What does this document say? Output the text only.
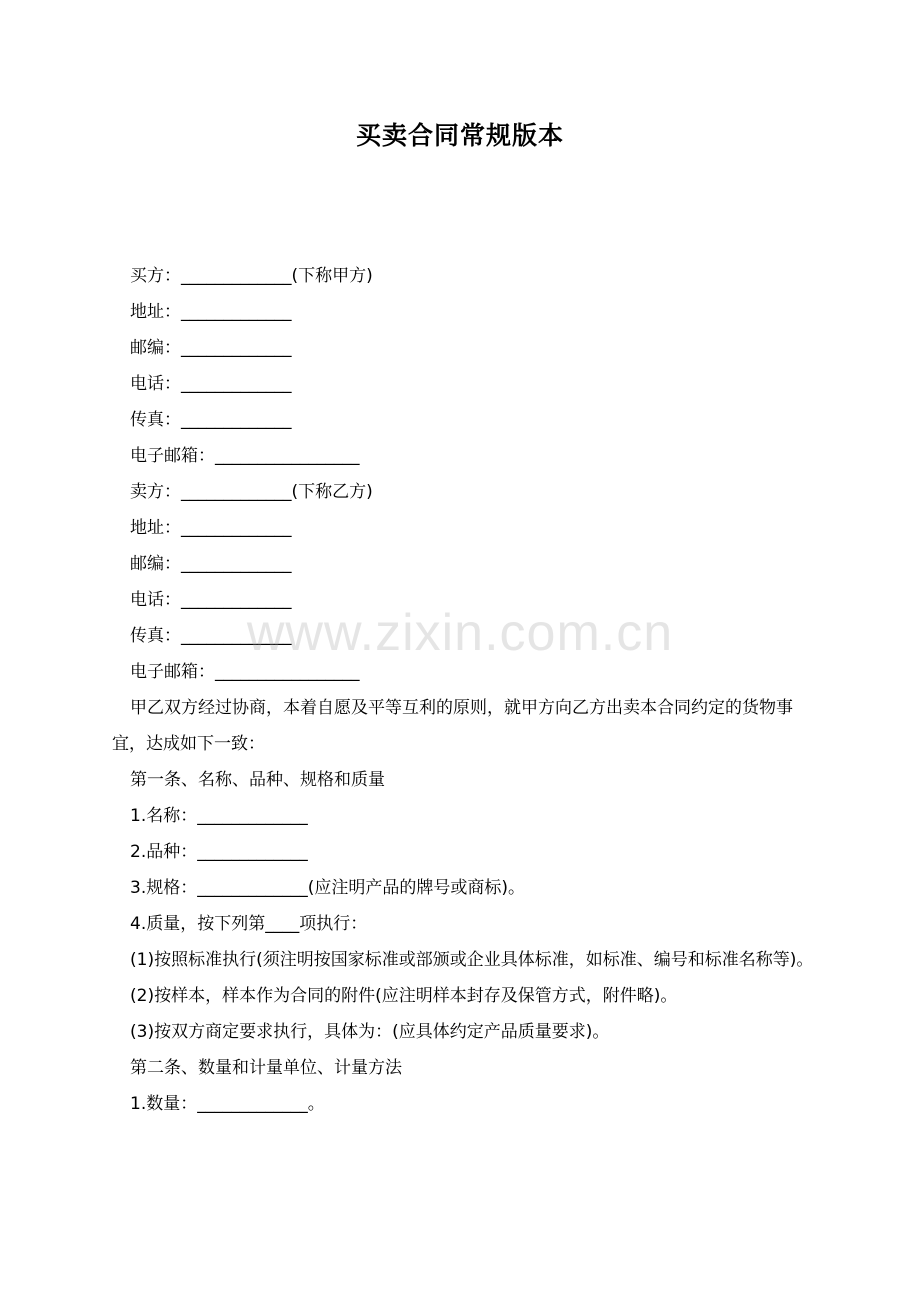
买卖合同常规版本

买方：_____________(下称甲方)

地址：_____________

邮编：_____________

电话：_____________

传真：_____________

电子邮箱：_________________

卖方：_____________(下称乙方)

地址：_____________

邮编：_____________

电话：_____________

传真：_____________

电子邮箱：_________________

甲乙双方经过协商，本着自愿及平等互利的原则，就甲方向乙方出卖本合同约定的货物事宜，达成如下一致：

第一条、名称、品种、规格和质量

1.名称：_____________

2.品种：_____________

3.规格：_____________(应注明产品的牌号或商标)。

4.质量，按下列第____项执行：

(1)按照标准执行(须注明按国家标准或部颁或企业具体标准，如标准、编号和标准名称等)。

(2)按样本，样本作为合同的附件(应注明样本封存及保管方式，附件略)。

(3)按双方商定要求执行，具体为：(应具体约定产品质量要求)。

第二条、数量和计量单位、计量方法

1.数量：_____________。

www.zixin.com.cn
